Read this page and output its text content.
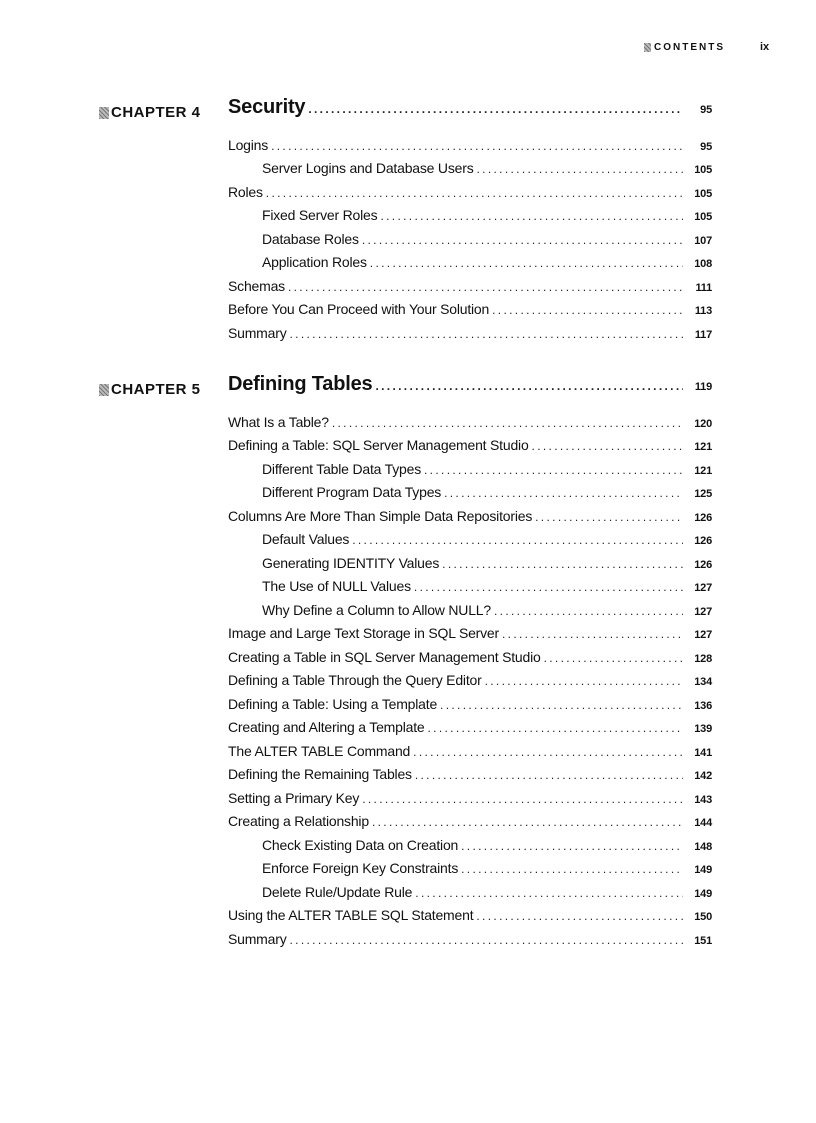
CONTENTS	ix
CHAPTER 4 Security . . .	95
Logins . . .	95
Server Logins and Database Users . . .	105
Roles . . .	105
Fixed Server Roles . . .	105
Database Roles . . .	107
Application Roles . . .	108
Schemas . . .	111
Before You Can Proceed with Your Solution . . .	113
Summary . . .	117
CHAPTER 5 Defining Tables . . .	119
What Is a Table? . . .	120
Defining a Table: SQL Server Management Studio . . .	121
Different Table Data Types . . .	121
Different Program Data Types . . .	125
Columns Are More Than Simple Data Repositories . . .	126
Default Values . . .	126
Generating IDENTITY Values . . .	126
The Use of NULL Values . . .	127
Why Define a Column to Allow NULL? . . .	127
Image and Large Text Storage in SQL Server . . .	127
Creating a Table in SQL Server Management Studio . . .	128
Defining a Table Through the Query Editor . . .	134
Defining a Table: Using a Template . . .	136
Creating and Altering a Template . . .	139
The ALTER TABLE Command . . .	141
Defining the Remaining Tables . . .	142
Setting a Primary Key . . .	143
Creating a Relationship . . .	144
Check Existing Data on Creation . . .	148
Enforce Foreign Key Constraints . . .	149
Delete Rule/Update Rule . . .	149
Using the ALTER TABLE SQL Statement . . .	150
Summary . . .	151
